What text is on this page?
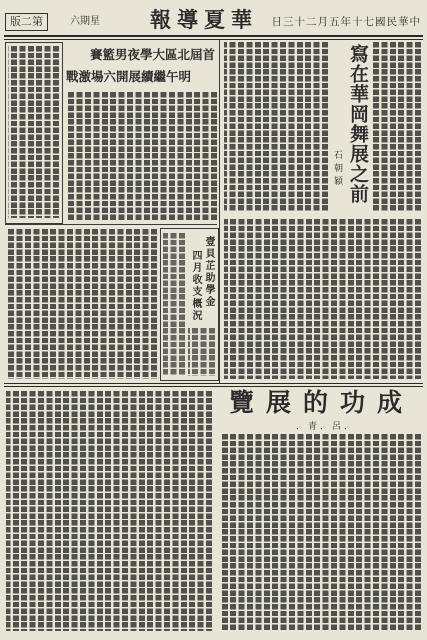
第二版	星期六 華夏導報 中華民國七十年五月二十三日
首屆北區大學夜男籃賽
明午繼續展開六場激戰
壹貝芷助學金
四月收支概況
寫在華岡舞展之前
石朝穎
成功的展覽
．呂．青．
